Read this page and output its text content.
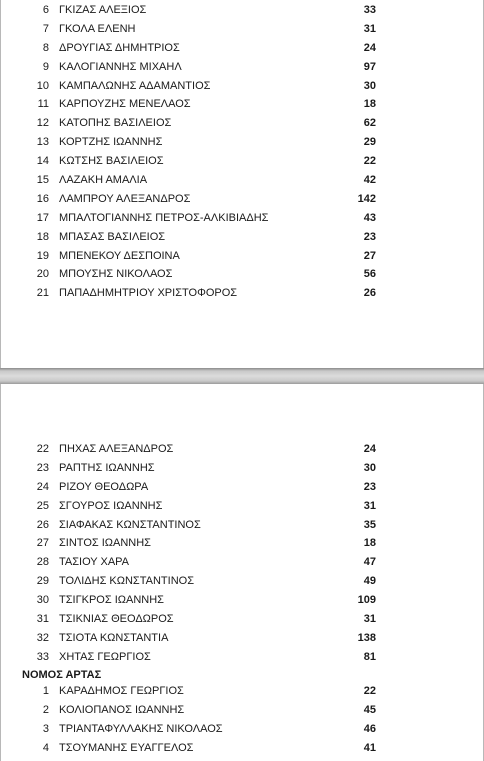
6 ΓΚΙΖΑΣ ΑΛΕΞΙΟΣ	33
7 ΓΚΟΛΑ ΕΛΕΝΗ	31
8 ΔΡΟΥΓΙΑΣ ΔΗΜΗΤΡΙΟΣ	24
9 ΚΑΛΟΓΙΑΝΝΗΣ ΜΙΧΑΗΛ	97
10 ΚΑΜΠΑΛΩΝΗΣ ΑΔΑΜΑΝΤΙΟΣ	30
11 ΚΑΡΠΟΥΖΗΣ ΜΕΝΕΛΑΟΣ	18
12 ΚΑΤΟΠΗΣ ΒΑΣΙΛΕΙΟΣ	62
13 ΚΟΡΤΖΗΣ ΙΩΑΝΝΗΣ	29
14 ΚΩΤΣΗΣ ΒΑΣΙΛΕΙΟΣ	22
15 ΛΑΖΑΚΗ ΑΜΑΛΙΑ	42
16 ΛΑΜΠΡΟΥ ΑΛΕΞΑΝΔΡΟΣ	142
17 ΜΠΑΛΤΟΓΙΑΝΝΗΣ ΠΕΤΡΟΣ-ΑΛΚΙΒΙΑΔΗΣ	43
18 ΜΠΑΣΑΣ ΒΑΣΙΛΕΙΟΣ	23
19 ΜΠΕΝΕΚΟΥ ΔΕΣΠΟΙΝΑ	27
20 ΜΠΟΥΣΗΣ ΝΙΚΟΛΑΟΣ	56
21 ΠΑΠΑΔΗΜΗΤΡΙΟΥ ΧΡΙΣΤΟΦΟΡΟΣ	26
22 ΠΗΧΑΣ ΑΛΕΞΑΝΔΡΟΣ	24
23 ΡΑΠΤΗΣ ΙΩΑΝΝΗΣ	30
24 ΡΙΖΟΥ ΘΕΟΔΩΡΑ	23
25 ΣΓΟΥΡΟΣ ΙΩΑΝΝΗΣ	31
26 ΣΙΑΦΑΚΑΣ ΚΩΝΣΤΑΝΤΙΝΟΣ	35
27 ΣΙΝΤΟΣ ΙΩΑΝΝΗΣ	18
28 ΤΑΣΙΟΥ ΧΑΡΑ	47
29 ΤΟΛΙΔΗΣ ΚΩΝΣΤΑΝΤΙΝΟΣ	49
30 ΤΣΙΓΚΡΟΣ ΙΩΑΝΝΗΣ	109
31 ΤΣΙΚΝΙΑΣ ΘΕΟΔΩΡΟΣ	31
32 ΤΣΙΟΤΑ ΚΩΝΣΤΑΝΤΙΑ	138
33 ΧΗΤΑΣ ΓΕΩΡΓΙΟΣ	81
ΝΟΜΟΣ ΑΡΤΑΣ
1 ΚΑΡΑΔΗΜΟΣ ΓΕΩΡΓΙΟΣ	22
2 ΚΟΛΙΟΠΑΝΟΣ ΙΩΑΝΝΗΣ	45
3 ΤΡΙΑΝΤΑΦΥΛΛΑΚΗΣ ΝΙΚΟΛΑΟΣ	46
4 ΤΣΟΥΜΑΝΗΣ ΕΥΑΓΓΕΛΟΣ	41
